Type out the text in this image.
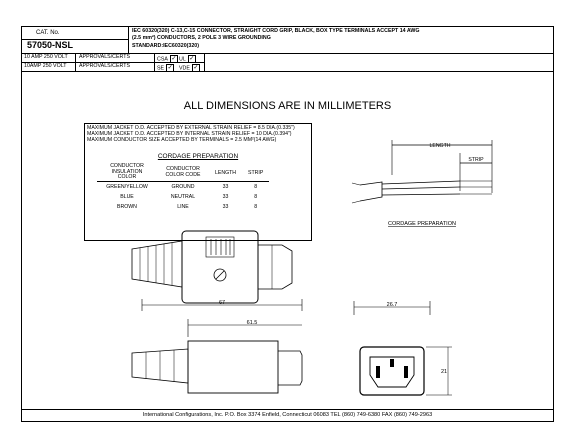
CAT. No.
57050-NSL
IEC 60320(320) C-13,C-15 CONNECTOR, STRAIGHT CORD GRIP, BLACK, BOX TYPE TERMINALS ACCEPT 14 AWG
(2.5 mm²) CONDUCTORS, 2 POLE 3 WIRE GROUNDING
STANDARD:IEC60320(320)
10 AMP 250 VOLT APPROVALS/CERTS	CSA ✓ UL ✓
10AMP 250 VOLT APPROVALS/CERTS	SE ✓ VDE ✓
ALL DIMENSIONS ARE IN MILLIMETERS
MAXIMUM JACKET O.D. ACCEPTED BY EXTERNAL STRAIN RELIEF = 8.5 DIA.(0.335")
MAXIMUM JACKET O.D. ACCEPTED BY INTERNAL STRAIN RELIEF = 10 DIA.(0.394")
MAXIMUM CONDUCTOR SIZE ACCEPTED BY TERMINALS = 2.5 MM²(14 AWG)
CORDAGE PREPARATION
CONDUCTOR INSULATION COLOR	CONDUCTOR COLOR CODE	LENGTH	STRIP
GREEN/YELLOW	GROUND	33	8
BLUE	NEUTRAL	33	8
BROWN	LINE	33	8
LENGTH
STRIP
CORDAGE PREPARATION
67
61.5
26.7
21
International Configurations, Inc. P.O. Box 3374 Enfield, Connecticut 06083 TEL (860) 749-6380 FAX (860) 749-2963
